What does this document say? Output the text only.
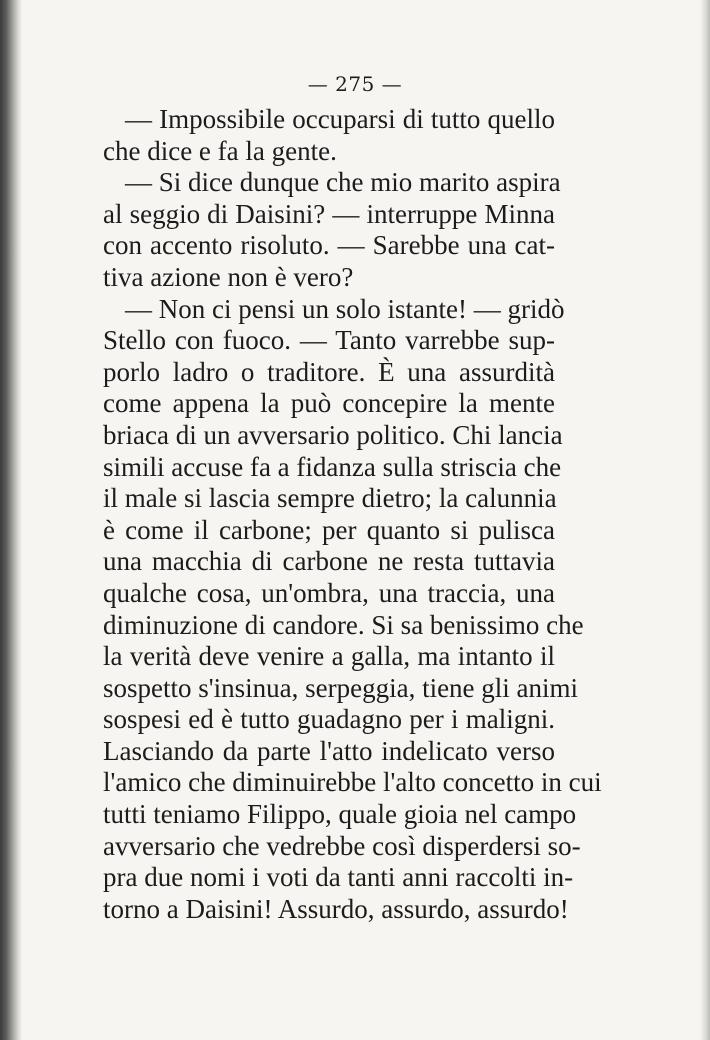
— 275 —
— Impossibile occuparsi di tutto quello
che dice e fa la gente.
— Si dice dunque che mio marito aspira
al seggio di Daisini? — interruppe Minna
con accento risoluto. — Sarebbe una cat-
tiva azione non è vero?
— Non ci pensi un solo istante! — gridò
Stello con fuoco. — Tanto varrebbe sup-
porlo ladro o traditore. È una assurdità
come appena la può concepire la mente
briaca di un avversario politico. Chi lancia
simili accuse fa a fidanza sulla striscia che
il male si lascia sempre dietro; la calunnia
è come il carbone; per quanto si pulisca
una macchia di carbone ne resta tuttavia
qualche cosa, un'ombra, una traccia, una
diminuzione di candore. Si sa benissimo che
la verità deve venire a galla, ma intanto il
sospetto s'insinua, serpeggia, tiene gli animi
sospesi ed è tutto guadagno per i maligni.
Lasciando da parte l'atto indelicato verso
l'amico che diminuirebbe l'alto concetto in cui
tutti teniamo Filippo, quale gioia nel campo
avversario che vedrebbe così disperdersi so-
pra due nomi i voti da tanti anni raccolti in-
torno a Daisini! Assurdo, assurdo, assurdo!
